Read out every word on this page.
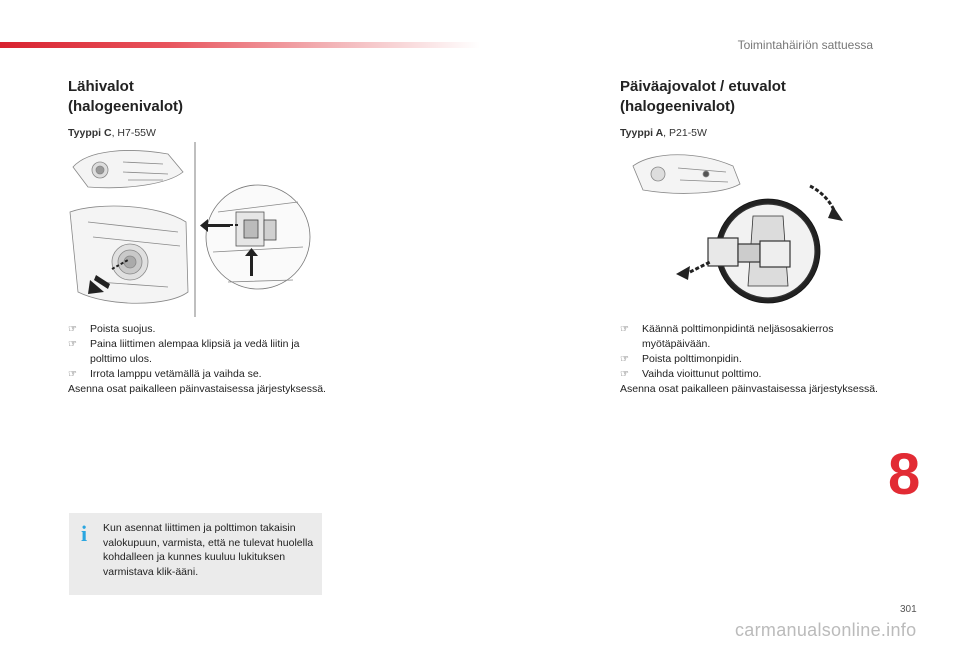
Toimintahäiriön sattuessa

Lähivalot
(halogeenivalot)

Tyyppi C, H7-55W
☞ Poista suojus.
☞ Paina liittimen alempaa klipsiä ja vedä liitin ja polttimo ulos.
☞ Irrota lamppu vetämällä ja vaihda se.
Asenna osat paikalleen päinvastaisessa järjestyksessä.
i Kun asennat liittimen ja polttimon takaisin valokupuun, varmista, että ne tulevat huolella kohdalleen ja kunnes kuuluu lukituksen varmistava klik-ääni.

Päiväajovalot / etuvalot
(halogeenivalot)

Tyyppi A, P21-5W
☞ Käännä polttimonpidintä neljäsosakierros myötäpäivään.
☞ Poista polttimonpidin.
☞ Vaihda vioittunut polttimo.
Asenna osat paikalleen päinvastaisessa järjestyksessä.
8
301
carmanualsonline.info
